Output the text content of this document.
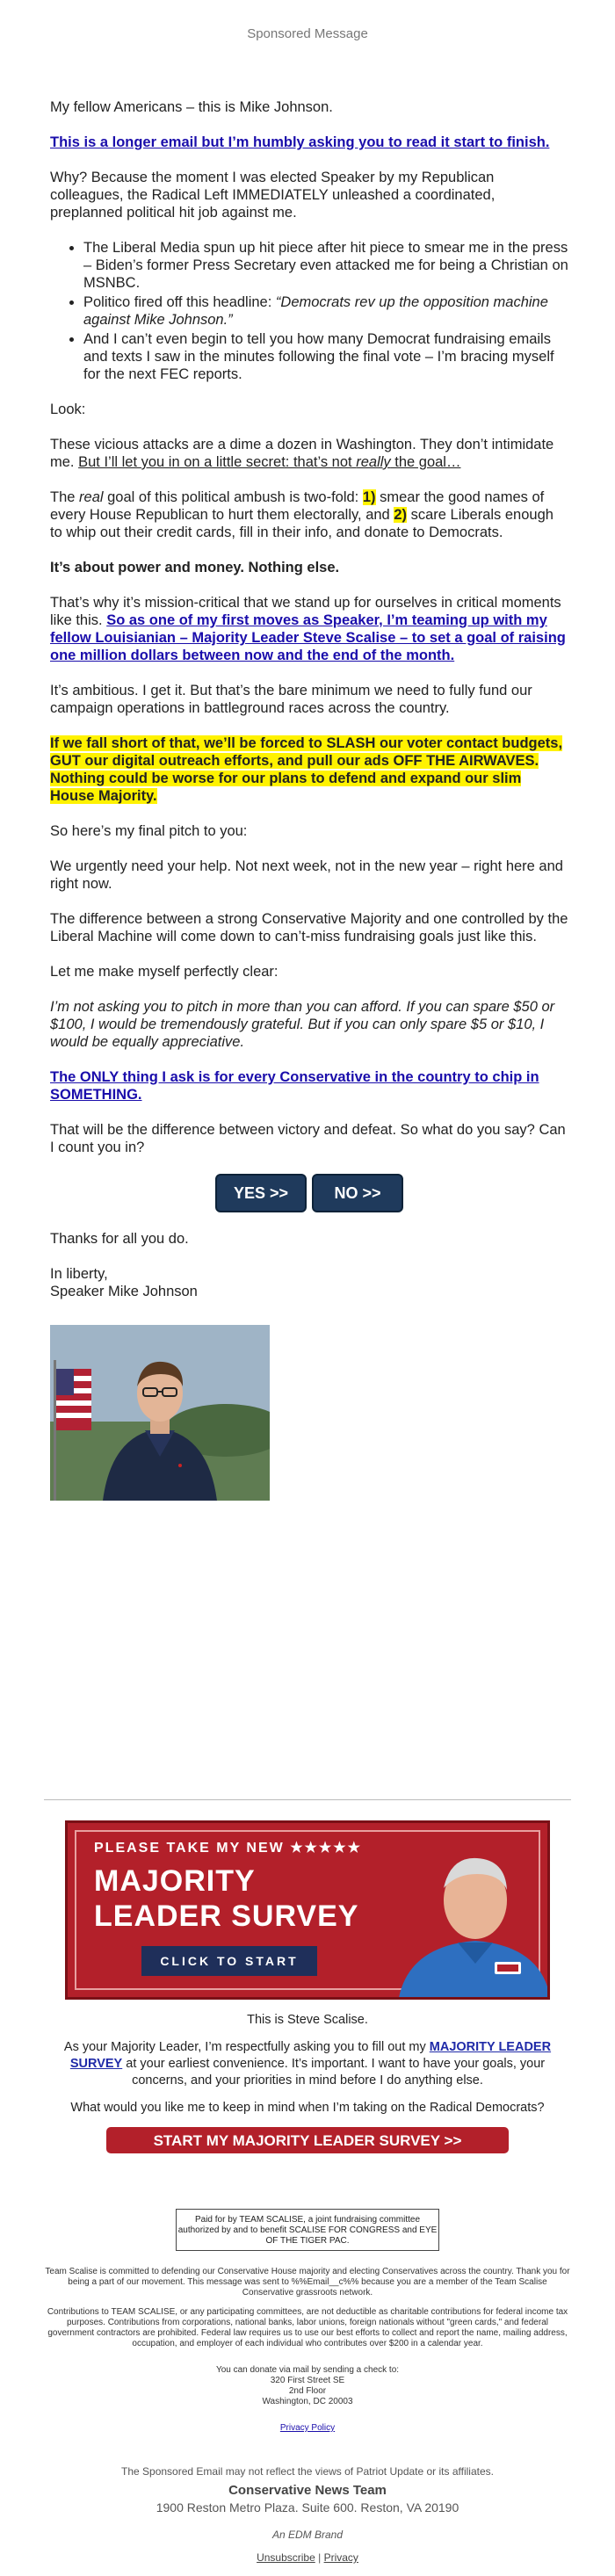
Sponsored Message

My fellow Americans – this is Mike Johnson.

This is a longer email but I’m humbly asking you to read it start to finish.

Why? Because the moment I was elected Speaker by my Republican colleagues, the Radical Left IMMEDIATELY unleashed a coordinated, preplanned political hit job against me.

• The Liberal Media spun up hit piece after hit piece to smear me in the press – Biden’s former Press Secretary even attacked me for being a Christian on MSNBC.
• Politico fired off this headline: “Democrats rev up the opposition machine against Mike Johnson.”
• And I can’t even begin to tell you how many Democrat fundraising emails and texts I saw in the minutes following the final vote – I’m bracing myself for the next FEC reports.

Look:

These vicious attacks are a dime a dozen in Washington. They don’t intimidate me. But I’ll let you in on a little secret: that’s not really the goal…

The real goal of this political ambush is two-fold: 1) smear the good names of every House Republican to hurt them electorally, and 2) scare Liberals enough to whip out their credit cards, fill in their info, and donate to Democrats.

It’s about power and money. Nothing else.

That’s why it’s mission-critical that we stand up for ourselves in critical moments like this. So as one of my first moves as Speaker, I’m teaming up with my fellow Louisianian – Majority Leader Steve Scalise – to set a goal of raising one million dollars between now and the end of the month.

It’s ambitious. I get it. But that’s the bare minimum we need to fully fund our campaign operations in battleground races across the country.

If we fall short of that, we’ll be forced to SLASH our voter contact budgets, GUT our digital outreach efforts, and pull our ads OFF THE AIRWAVES. Nothing could be worse for our plans to defend and expand our slim House Majority.

So here’s my final pitch to you:

We urgently need your help. Not next week, not in the new year – right here and right now.

The difference between a strong Conservative Majority and one controlled by the Liberal Machine will come down to can’t-miss fundraising goals just like this.

Let me make myself perfectly clear:

I’m not asking you to pitch in more than you can afford. If you can spare $50 or $100, I would be tremendously grateful. But if you can only spare $5 or $10, I would be equally appreciative.

The ONLY thing I ask is for every Conservative in the country to chip in SOMETHING.

That will be the difference between victory and defeat. So what do you say? Can I count you in?

YES >>	NO >>

Thanks for all you do.

In liberty,
Speaker Mike Johnson

PLEASE TAKE MY NEW ★★★★★
MAJORITY
LEADER SURVEY
CLICK TO START

This is Steve Scalise.

As your Majority Leader, I’m respectfully asking you to fill out my MAJORITY LEADER SURVEY at your earliest convenience. It’s important. I want to have your goals, your concerns, and your priorities in mind before I do anything else.

What would you like me to keep in mind when I’m taking on the Radical Democrats?

START MY MAJORITY LEADER SURVEY >>
Paid for by TEAM SCALISE, a joint fundraising committee authorized by and to benefit SCALISE FOR CONGRESS and EYE OF THE TIGER PAC.
Team Scalise is committed to defending our Conservative House majority and electing Conservatives across the country. Thank you for being a part of our movement. This message was sent to %%Email__c%% because you are a member of the Team Scalise Conservative grassroots network.
Contributions to TEAM SCALISE, or any participating committees, are not deductible as charitable contributions for federal income tax purposes. Contributions from corporations, national banks, labor unions, foreign nationals without "green cards," and federal government contractors are prohibited. Federal law requires us to use our best efforts to collect and report the name, mailing address, occupation, and employer of each individual who contributes over $200 in a calendar year.
You can donate via mail by sending a check to:
320 First Street SE
2nd Floor
Washington, DC 20003
Privacy Policy
The Sponsored Email may not reflect the views of Patriot Update or its affiliates.
Conservative News Team
1900 Reston Metro Plaza. Suite 600. Reston, VA 20190
An EDM Brand
Unsubscribe | Privacy
